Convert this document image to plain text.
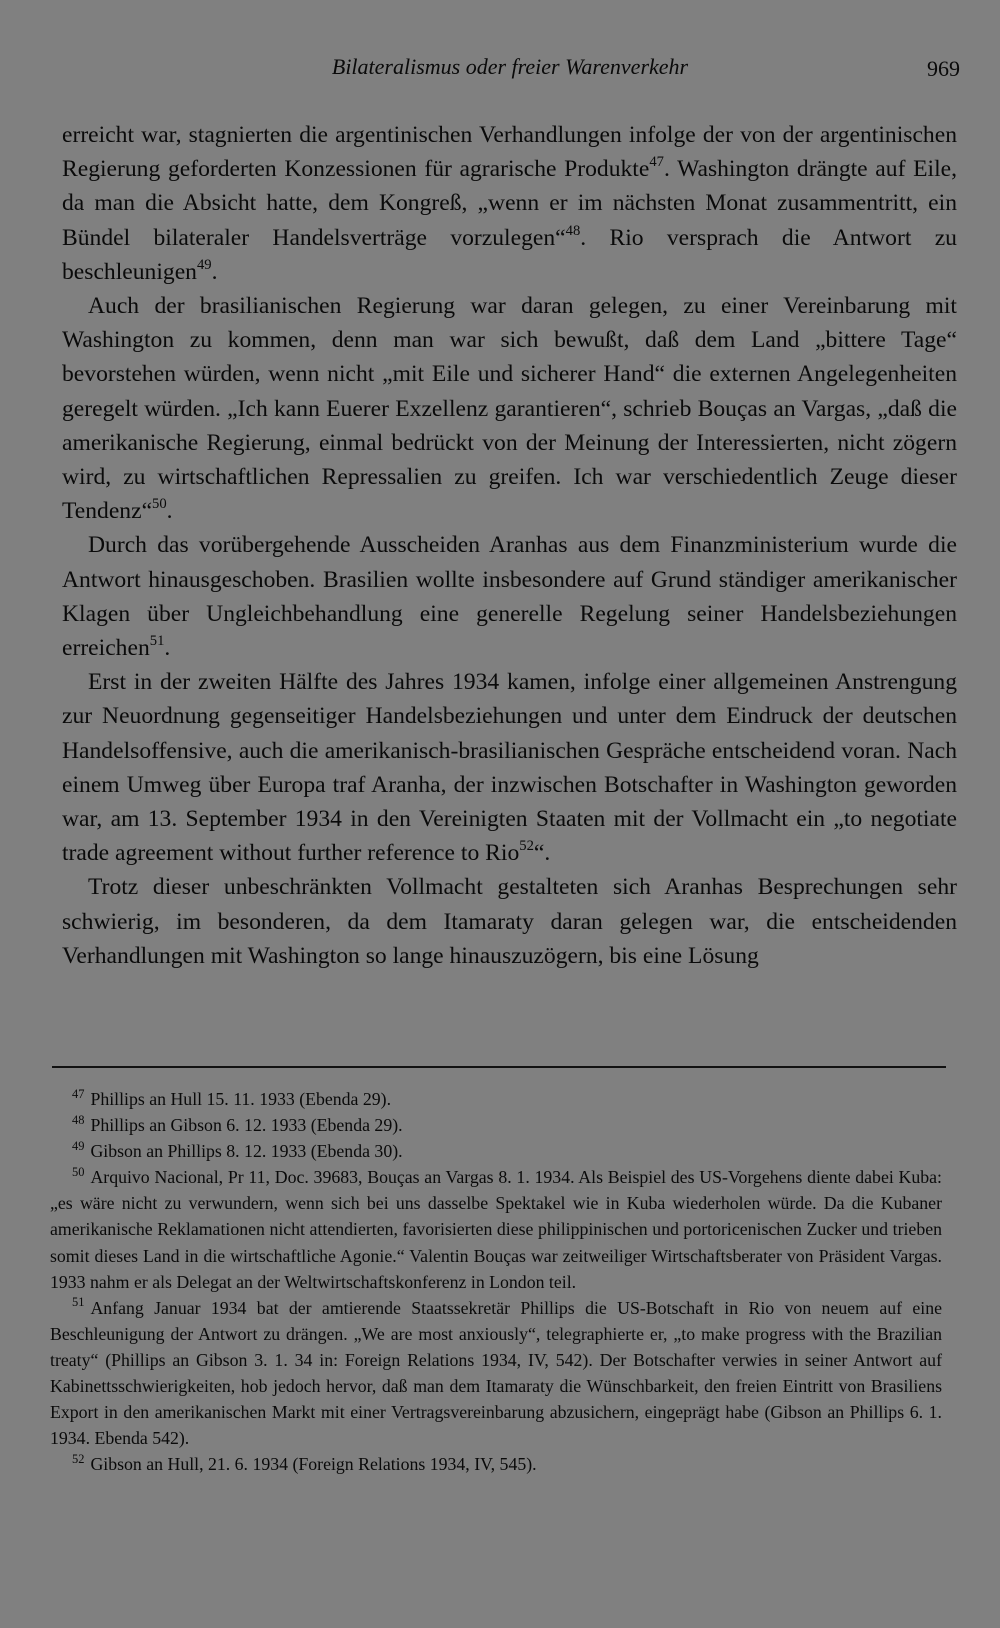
Bilateralismus oder freier Warenverkehr	969

erreicht war, stagnierten die argentinischen Verhandlungen infolge der von der argentinischen Regierung geforderten Konzessionen für agrarische Produkte$^{47}$. Washington drängte auf Eile, da man die Absicht hatte, dem Kongreß, „wenn er im nächsten Monat zusammentritt, ein Bündel bilateraler Handelsverträge vorzulegen“$^{48}$. Rio versprach die Antwort zu beschleunigen$^{49}$.

Auch der brasilianischen Regierung war daran gelegen, zu einer Vereinbarung mit Washington zu kommen, denn man war sich bewußt, daß dem Land „bittere Tage“ bevorstehen würden, wenn nicht „mit Eile und sicherer Hand“ die externen Angelegenheiten geregelt würden. „Ich kann Euerer Exzellenz garantieren“, schrieb Bouças an Vargas, „daß die amerikanische Regierung, einmal bedrückt von der Meinung der Interessierten, nicht zögern wird, zu wirtschaftlichen Repressalien zu greifen. Ich war verschiedentlich Zeuge dieser Tendenz“$^{50}$.

Durch das vorübergehende Ausscheiden Aranhas aus dem Finanzministerium wurde die Antwort hinausgeschoben. Brasilien wollte insbesondere auf Grund ständiger amerikanischer Klagen über Ungleichbehandlung eine generelle Regelung seiner Handelsbeziehungen erreichen$^{51}$.

Erst in der zweiten Hälfte des Jahres 1934 kamen, infolge einer allgemeinen Anstrengung zur Neuordnung gegenseitiger Handelsbeziehungen und unter dem Eindruck der deutschen Handelsoffensive, auch die amerikanisch-brasilianischen Gespräche entscheidend voran. Nach einem Umweg über Europa traf Aranha, der inzwischen Botschafter in Washington geworden war, am 13. September 1934 in den Vereinigten Staaten mit der Vollmacht ein „to negotiate trade agreement without further reference to Rio$^{52}$“.

Trotz dieser unbeschränkten Vollmacht gestalteten sich Aranhas Besprechungen sehr schwierig, im besonderen, da dem Itamaraty daran gelegen war, die entscheidenden Verhandlungen mit Washington so lange hinauszuzögern, bis eine Lösung

$^{47}$ Phillips an Hull 15. 11. 1933 (Ebenda 29).

$^{48}$ Phillips an Gibson 6. 12. 1933 (Ebenda 29).

$^{49}$ Gibson an Phillips 8. 12. 1933 (Ebenda 30).

$^{50}$ Arquivo Nacional, Pr 11, Doc. 39683, Bouças an Vargas 8. 1. 1934. Als Beispiel des US-Vorgehens diente dabei Kuba: „es wäre nicht zu verwundern, wenn sich bei uns dasselbe Spektakel wie in Kuba wiederholen würde. Da die Kubaner amerikanische Reklamationen nicht attendierten, favorisierten diese philippinischen und portoricenischen Zucker und trieben somit dieses Land in die wirtschaftliche Agonie.“ Valentin Bouças war zeitweiliger Wirtschaftsberater von Präsident Vargas. 1933 nahm er als Delegat an der Weltwirtschaftskonferenz in London teil.

$^{51}$ Anfang Januar 1934 bat der amtierende Staatssekretär Phillips die US-Botschaft in Rio von neuem auf eine Beschleunigung der Antwort zu drängen. „We are most anxiously“, telegraphierte er, „to make progress with the Brazilian treaty“ (Phillips an Gibson 3. 1. 34 in: Foreign Relations 1934, IV, 542). Der Botschafter verwies in seiner Antwort auf Kabinettsschwierigkeiten, hob jedoch hervor, daß man dem Itamaraty die Wünschbarkeit, den freien Eintritt von Brasiliens Export in den amerikanischen Markt mit einer Vertragsvereinbarung abzusichern, eingeprägt habe (Gibson an Phillips 6. 1. 1934. Ebenda 542).

$^{52}$ Gibson an Hull, 21. 6. 1934 (Foreign Relations 1934, IV, 545).
